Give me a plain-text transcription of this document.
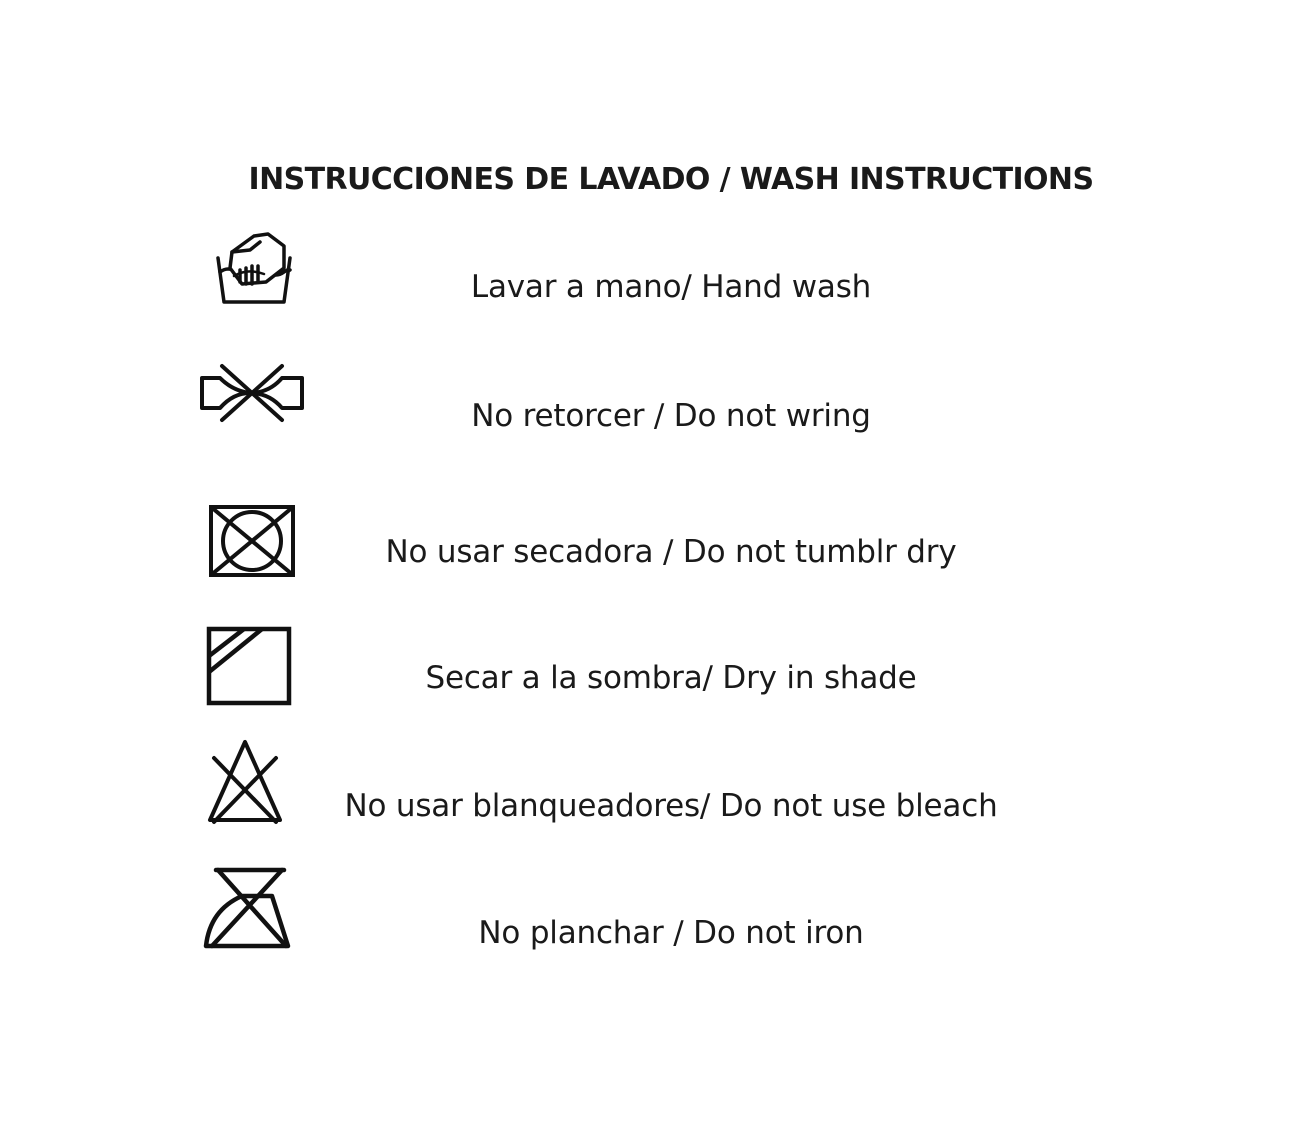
INSTRUCCIONES DE LAVADO / WASH INSTRUCTIONS
Lavar a mano/ Hand wash
No retorcer / Do not wring
No usar secadora / Do not tumblr dry
Secar a la sombra/ Dry in shade
No usar blanqueadores/ Do not use bleach
No planchar / Do not iron
